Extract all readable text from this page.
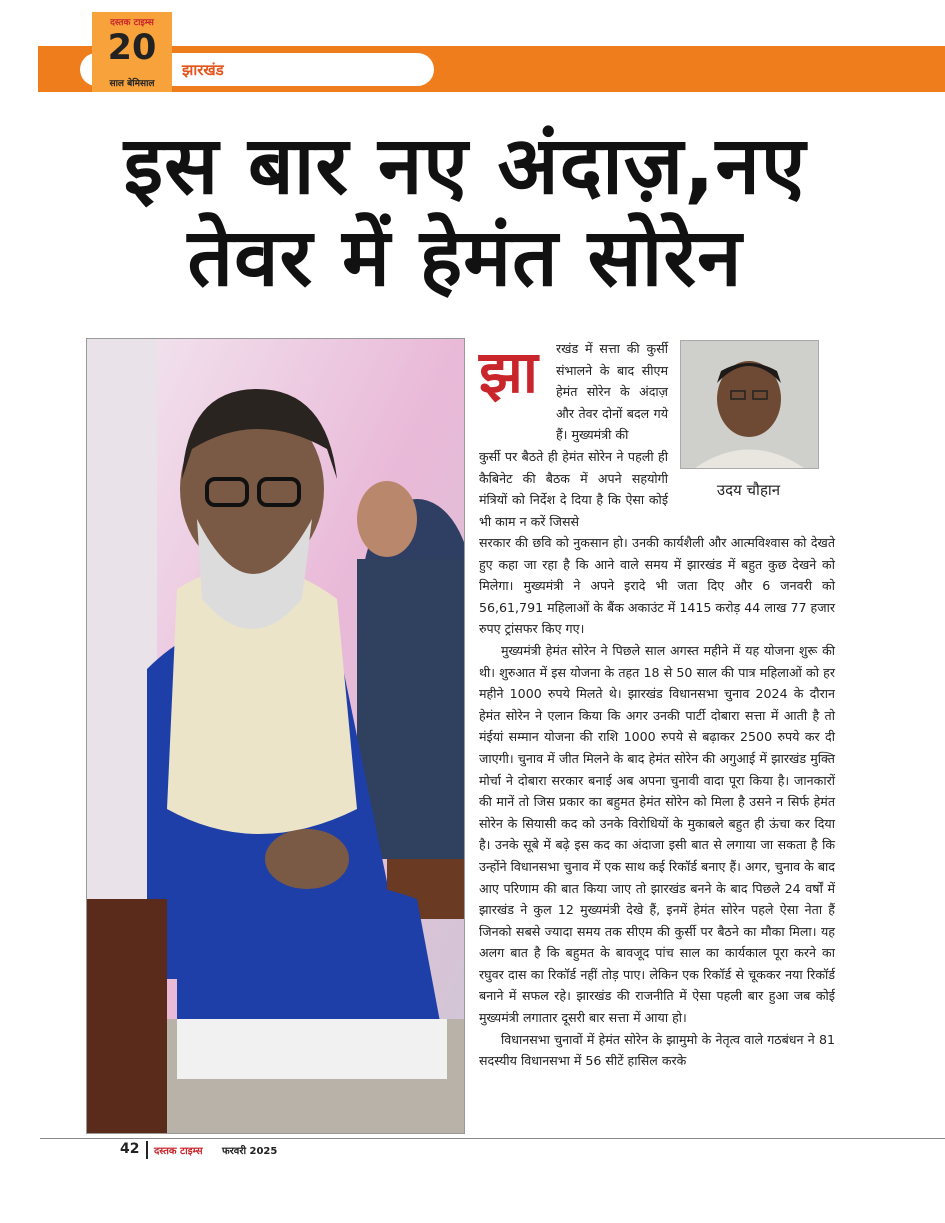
झारखंड
दस्तक टाइम्स
20
साल बेमिसाल
इस बार नए अंदाज़,नए
तेवर में हेमंत सोरेन
उदय चौहान
झा रखंड में सत्ता की कुर्सी संभालने के बाद सीएम हेमंत सोरेन के अंदाज़ और तेवर दोनों बदल गये हैं। मुख्यमंत्री की
कुर्सी पर बैठते ही हेमंत सोरेन ने पहली ही कैबिनेट की बैठक में अपने सहयोगी मंत्रियों को निर्देश दे दिया है कि ऐसा कोई भी काम न करें जिससे

सरकार की छवि को नुकसान हो। उनकी कार्यशैली और आत्मविश्वास को देखते हुए कहा जा रहा है कि आने वाले समय में झारखंड में बहुत कुछ देखने को मिलेगा। मुख्यमंत्री ने अपने इरादे भी जता दिए और 6 जनवरी को 56,61,791 महिलाओं के बैंक अकाउंट में 1415 करोड़ 44 लाख 77 हजार रुपए ट्रांसफर किए गए।

मुख्यमंत्री हेमंत सोरेन ने पिछले साल अगस्त महीने में यह योजना शुरू की थी। शुरुआत में इस योजना के तहत 18 से 50 साल की पात्र महिलाओं को हर महीने 1000 रुपये मिलते थे। झारखंड विधानसभा चुनाव 2024 के दौरान हेमंत सोरेन ने एलान किया कि अगर उनकी पार्टी दोबारा सत्ता में आती है तो मंईयां सम्मान योजना की राशि 1000 रुपये से बढ़ाकर 2500 रुपये कर दी जाएगी। चुनाव में जीत मिलने के बाद हेमंत सोरेन की अगुआई में झारखंड मुक्ति मोर्चा ने दोबारा सरकार बनाई अब अपना चुनावी वादा पूरा किया है। जानकारों की मानें तो जिस प्रकार का बहुमत हेमंत सोरेन को मिला है उसने न सिर्फ हेमंत सोरेन के सियासी कद को उनके विरोधियों के मुकाबले बहुत ही ऊंचा कर दिया है। उनके सूबे में बढ़े इस कद का अंदाजा इसी बात से लगाया जा सकता है कि उन्होंने विधानसभा चुनाव में एक साथ कई रिकॉर्ड बनाए हैं। अगर, चुनाव के बाद आए परिणाम की बात किया जाए तो झारखंड बनने के बाद पिछले 24 वर्षों में झारखंड ने कुल 12 मुख्यमंत्री देखे हैं, इनमें हेमंत सोरेन पहले ऐसा नेता हैं जिनको सबसे ज्यादा समय तक सीएम की कुर्सी पर बैठने का मौका मिला। यह अलग बात है कि बहुमत के बावजूद पांच साल का कार्यकाल पूरा करने का रघुवर दास का रिकॉर्ड नहीं तोड़ पाए। लेकिन एक रिकॉर्ड से चूककर नया रिकॉर्ड बनाने में सफल रहे। झारखंड की राजनीति में ऐसा पहली बार हुआ जब कोई मुख्यमंत्री लगातार दूसरी बार सत्ता में आया हो।

विधानसभा चुनावों में हेमंत सोरेन के झामुमो के नेतृत्व वाले गठबंधन ने 81 सदस्यीय विधानसभा में 56 सीटें हासिल करके

42 दस्तक टाइम्स फरवरी 2025
